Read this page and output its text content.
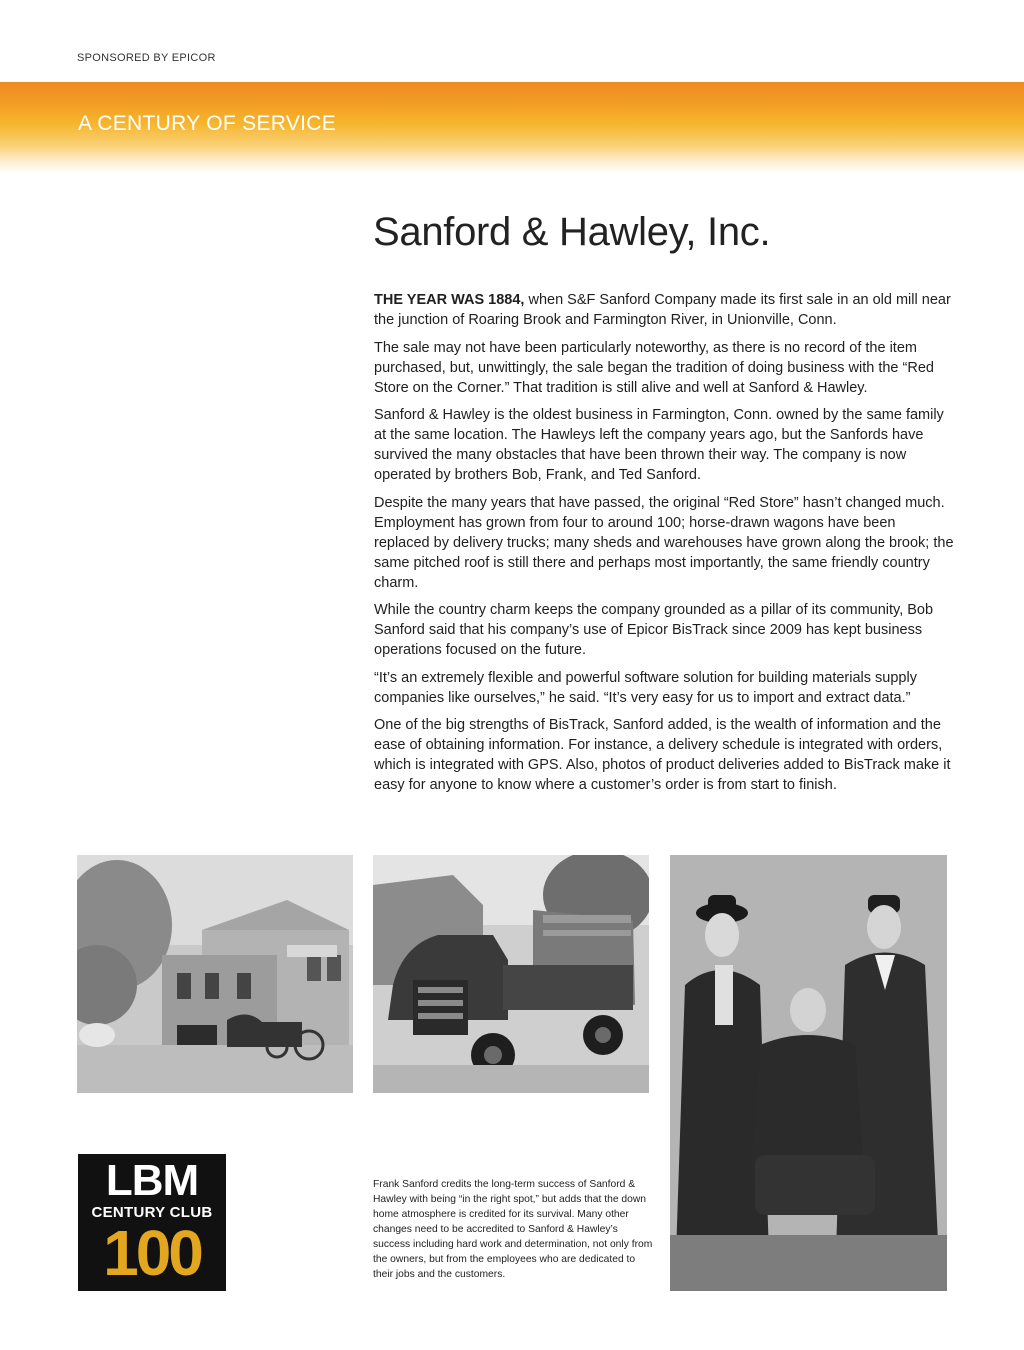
SPONSORED BY EPICOR
A CENTURY OF SERVICE
Sanford & Hawley, Inc.

THE YEAR WAS 1884, when S&F Sanford Company made its first sale in an old mill near the junction of Roaring Brook and Farmington River, in Unionville, Conn.

The sale may not have been particularly noteworthy, as there is no record of the item purchased, but, unwittingly, the sale began the tradition of doing business with the “Red Store on the Corner.” That tradition is still alive and well at Sanford & Hawley.

Sanford & Hawley is the oldest business in Farmington, Conn. owned by the same family at the same location. The Hawleys left the company years ago, but the Sanfords have survived the many obstacles that have been thrown their way. The company is now operated by brothers Bob, Frank, and Ted Sanford.

Despite the many years that have passed, the original “Red Store” hasn’t changed much. Employment has grown from four to around 100; horse-drawn wagons have been replaced by delivery trucks; many sheds and warehouses have grown along the brook; the same pitched roof is still there and perhaps most importantly, the same friendly country charm.

While the country charm keeps the company grounded as a pillar of its community, Bob Sanford said that his company’s use of Epicor BisTrack since 2009 has kept business operations focused on the future.

“It’s an extremely flexible and powerful software solution for building materials supply companies like ourselves,” he said. “It’s very easy for us to import and extract data.”

One of the big strengths of BisTrack, Sanford added, is the wealth of information and the ease of obtaining information. For instance, a delivery schedule is integrated with orders, which is integrated with GPS. Also, photos of product deliveries added to BisTrack make it easy for anyone to know where a customer’s order is from start to finish.

LBM
CENTURY CLUB
100
Frank Sanford credits the long-term success of Sanford & Hawley with being “in the right spot,” but adds that the down home atmosphere is credited for its survival. Many other changes need to be accredited to Sanford & Hawley’s success including hard work and determination, not only from the owners, but from the employees who are dedicated to their jobs and the customers.
